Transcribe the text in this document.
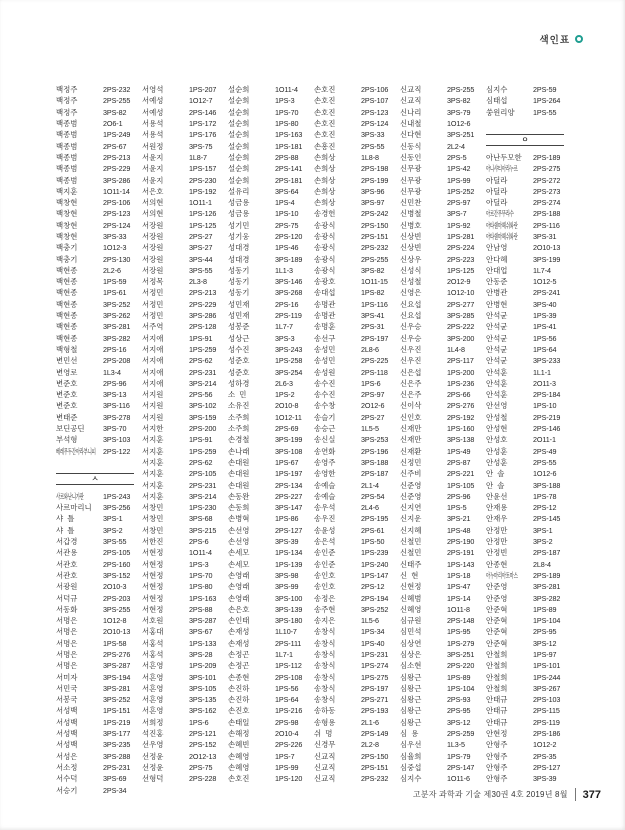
색인표
백정주	2PS-232
백정주	2PS-255
백정주	3PS-82
백종범	2O6-1
백종범	1PS-249
백종범	2PS-67
백종범	2PS-213
백종범	2PS-229
백종범	3PS-286
백지훈	1O11-14
백창현	2PS-106
백창현	2PS-123
백창현	2PS-124
백창현	3PS-33
백충기	1O12-3
백충기	2PS-130
백현종	2L2-6
백현종	1PS-59
백현종	1PS-61
백현종	3PS-252
백현종	3PS-262
백현종	3PS-281
백현종	3PS-282
백형철	2PS-16
변민선	2PS-208
변영로	1L3-4
변준호	2PS-96
변준호	3PS-13
변준호	3PS-116
변태준	3PS-278
보딘공딘	3PS-70
부석형	3PS-103
베레무두간아라부니피 2PS-122
ㅅ
사르와난니가판	1PS-243
사르마리니	3PS-256
샤  틀	3PS-1
샤  틀	3PS-2
서갑경	3PS-55
서관용	2PS-105
서관호	2PS-160
서관호	3PS-152
서광원	2O10-3
서덕규	2PS-203
서동화	3PS-255
서명은	1O12-8
서명은	2O10-13
서명은	1PS-58
서명은	2PS-276
서명은	3PS-287
서미자	3PS-194
서민국	3PS-281
서봉국	3PS-252
서성백	1PS-151
서성백	1PS-219
서성백	3PS-177
서성백	3PS-235
서성은	3PS-288
서소정	2PS-231
서수덕	3PS-69
서승기	2PS-34
서영석	1PS-207
서예성	1O12-7
서예성	2PS-146
서용석	1PS-172
서용석	1PS-176
서원정	3PS-75
서윤지	1L8-7
서윤지	1PS-157
서윤지	2PS-230
서은호	1PS-192
서의현	1O11-1
서의현	1PS-126
서장원	1PS-125
서장원	2PS-27
서장원	3PS-27
서장원	3PS-44
서장원	3PS-55
서정목	2L3-8
서정민	2PS-213
서정민	2PS-229
서정민	3PS-286
서주역	2PS-128
서지애	1PS-91
서지애	1PS-259
서지애	2PS-62
서지애	2PS-231
서지애	3PS-214
서지원	2PS-56
서지원	3PS-102
서지원	3PS-159
서지한	2PS-200
서지훈	1PS-91
서지훈	1PS-259
서지훈	2PS-62
서지훈	2PS-105
서지훈	2PS-231
서지훈	3PS-214
서창민	1PS-230
서창민	3PS-68
서창민	3PS-215
서한진	2PS-6
서현정	1O11-4
서현정	1PS-3
서현정	1PS-70
서현정	1PS-80
서현정	1PS-163
서현정	2PS-88
서호원	3PS-287
서홍대	3PS-67
서홍석	1PS-133
서홍석	3PS-28
서흔영	1PS-209
서흔영	3PS-101
서흔영	3PS-105
서흔영	3PS-135
서흔영	3PS-162
서희정	1PS-6
석진홍	2PS-121
선우영	2PS-152
선정윤	2O12-13
선정윤	2PS-75
선형덕	2PS-228
설순희	1O11-4
설순희	1PS-3
설순희	1PS-70
설순희	1PS-80
설순희	1PS-163
설순희	1PS-181
설순희	2PS-88
설순희	2PS-141
설순희	2PS-181
설유리	3PS-64
성금용	1PS-4
성금용	1PS-10
성기민	2PS-75
성기웅	2PS-120
성대경	1PS-46
성대경	3PS-189
성동기	1L1-3
성동기	3PS-146
성동기	3PS-268
성민재	2PS-16
성민재	2PS-119
성봉준	1L7-7
성상근	3PS-3
성수진	3PS-243
성준호	1PS-258
성준호	3PS-254
성하경	2L6-3
소  민	1PS-2
소유진	2O10-8
소주희	1O12-11
소주희	2PS-69
손경철	3PS-199
손나래	3PS-108
손대원	1PS-67
손대원	1PS-197
손대원	2PS-134
손동완	2PS-227
손동희	3PS-147
손병혁	1PS-86
손선영	2PS-127
손선영	3PS-39
손세모	1PS-134
손세모	1PS-139
손영래	3PS-98
손영래	3PS-99
손영래	3PS-100
손은호	3PS-139
손인태	3PS-180
손재성	1L10-7
손재성	2PS-111
손정곤	1L7-1
손정곤	1PS-112
손종현	2PS-108
손진하	1PS-56
손진하	1PS-64
손진호	1PS-216
손태일	2PS-98
손해정	2O10-4
손혜빈	2PS-226
손혜영	1PS-7
손혜영	1PS-99
손호진	1PS-120
손호진	2PS-106
손호진	2PS-107
손호진	2PS-123
손호진	2PS-124
손호진	3PS-33
손흥진	2PS-55
손희상	1L8-8
손희상	2PS-198
손희상	2PS-199
손희상	3PS-96
손희상	3PS-97
송경헌	2PS-242
송광식	2PS-150
송광식	2PS-151
송광식	2PS-232
송광식	2PS-255
송광식	3PS-82
송광호	1O11-15
송대섭	1PS-82
송명관	1PS-116
송명관	3PS-41
송명훈	2PS-31
송선구	2PS-197
송성민	2L8-6
송성민	2PS-225
송성원	2PS-118
송수진	1PS-6
송수진	2PS-97
송수창	2O12-6
송슬기	2PS-27
송승근	1L5-5
송신실	3PS-253
송연화	2PS-196
송영주	3PS-188
송영한	2PS-187
송예슬	2L1-4
송예슬	2PS-54
송우석	2L4-6
송우진	2PS-195
송윤성	2PS-61
송은석	1PS-50
송인준	1PS-239
송인준	1PS-240
송인호	1PS-147
송인호	2PS-12
송정은	2PS-194
송주현	3PS-252
송지은	1L5-6
송창식	1PS-34
송창식	1PS-40
송창식	1PS-231
송창식	1PS-274
송창식	1PS-275
송창식	2PS-197
송창식	2PS-271
송하동	2PS-193
송형용	2L1-6
쉬  멍	2PS-149
신경무	2L2-8
신교직	2PS-150
신교직	2PS-151
신교직	2PS-232
신교직	2PS-255
신교직	3PS-82
신나리	3PS-79
신내철	1O12-6
신다현	3PS-251
신동식	2L2-4
신동인	2PS-5
신무광	1PS-42
신무광	1PS-99
신무광	1PS-252
신민찬	2PS-97
신병철	3PS-7
신병호	1PS-92
신상빈	1PS-281
신상빈	2PS-224
신상우	2PS-223
신성식	1PS-125
신성철	2O12-9
신영은	1O12-10
신요섭	2PS-277
신요섭	3PS-285
신우승	2PS-222
신우승	3PS-200
신우진	1L4-8
신우진	2PS-117
신은섭	1PS-200
신은주	1PS-236
신은주	2PS-66
신이삭	2PS-276
신인호	2PS-192
신재만	1PS-160
신재만	3PS-138
신재환	1PS-49
신정민	2PS-87
신주비	2PS-221
신준영	1PS-105
신준영	2PS-96
신지연	1PS-5
신지운	3PS-21
신지혜	1PS-48
신철민	2PS-190
신철민	2PS-191
신태주	1PS-143
신  현	1PS-18
신현정	1PS-47
신혜범	1PS-14
신혜영	1O11-8
심규원	2PS-148
심민석	1PS-95
심상연	1PS-279
심상은	3PS-251
심소현	2PS-220
심왕근	1PS-89
심왕근	1PS-104
심왕근	2PS-93
심왕근	2PS-95
심왕근	3PS-12
심  용	2PS-259
심우선	1L3-5
심율희	1PS-79
심중섭	2PS-147
심지수	1O11-6
심지수	2PS-59
심태섭	1PS-264
쑹윈리양	1PS-55
ㅇ
아난두모한	2PS-189
아니샤티아라누르 2PS-275
아딜라	2PS-272
아딜라	2PS-273
아딜라	2PS-274
아르간무뚜라수	2PS-188
아타쉔마헤쉬와란 2PS-116
아타쉔마헤쉬와란 3PS-31
안남영	2O10-13
안다혜	3PS-199
안대업	1L7-4
안동준	1O12-5
안병관	2PS-241
안병현	3PS-40
안석균	1PS-39
안석균	1PS-41
안석균	1PS-56
안석균	1PS-64
안석균	3PS-233
안석훈	1L1-1
안석훈	2O11-3
안석훈	2PS-184
안선영	1PS-10
안성철	2PS-219
안성현	2PS-146
안성호	2O11-1
안성훈	2PS-49
안성훈	2PS-55
안  솔	1O12-6
안  솔	3PS-188
안윤선	1PS-78
안재용	2PS-12
안재우	2PS-145
안정만	3PS-1
안정만	3PS-2
안정빈	2PS-187
안종현	2L8-4
아누마리아토마스 2PS-189
안준영	3PS-281
안준영	3PS-282
안준혁	1PS-89
안준혁	1PS-104
안준혁	2PS-95
안준혁	3PS-12
안철희	1PS-97
안철희	1PS-101
안철희	1PS-244
안철희	3PS-267
안태규	2PS-103
안태규	2PS-115
안태규	2PS-119
안현정	2PS-186
안형주	1O12-2
안형주	2PS-35
안형주	2PS-127
안형주	3PS-39
고분자 과학과 기술 제30권 4호 2019년 8월 377
